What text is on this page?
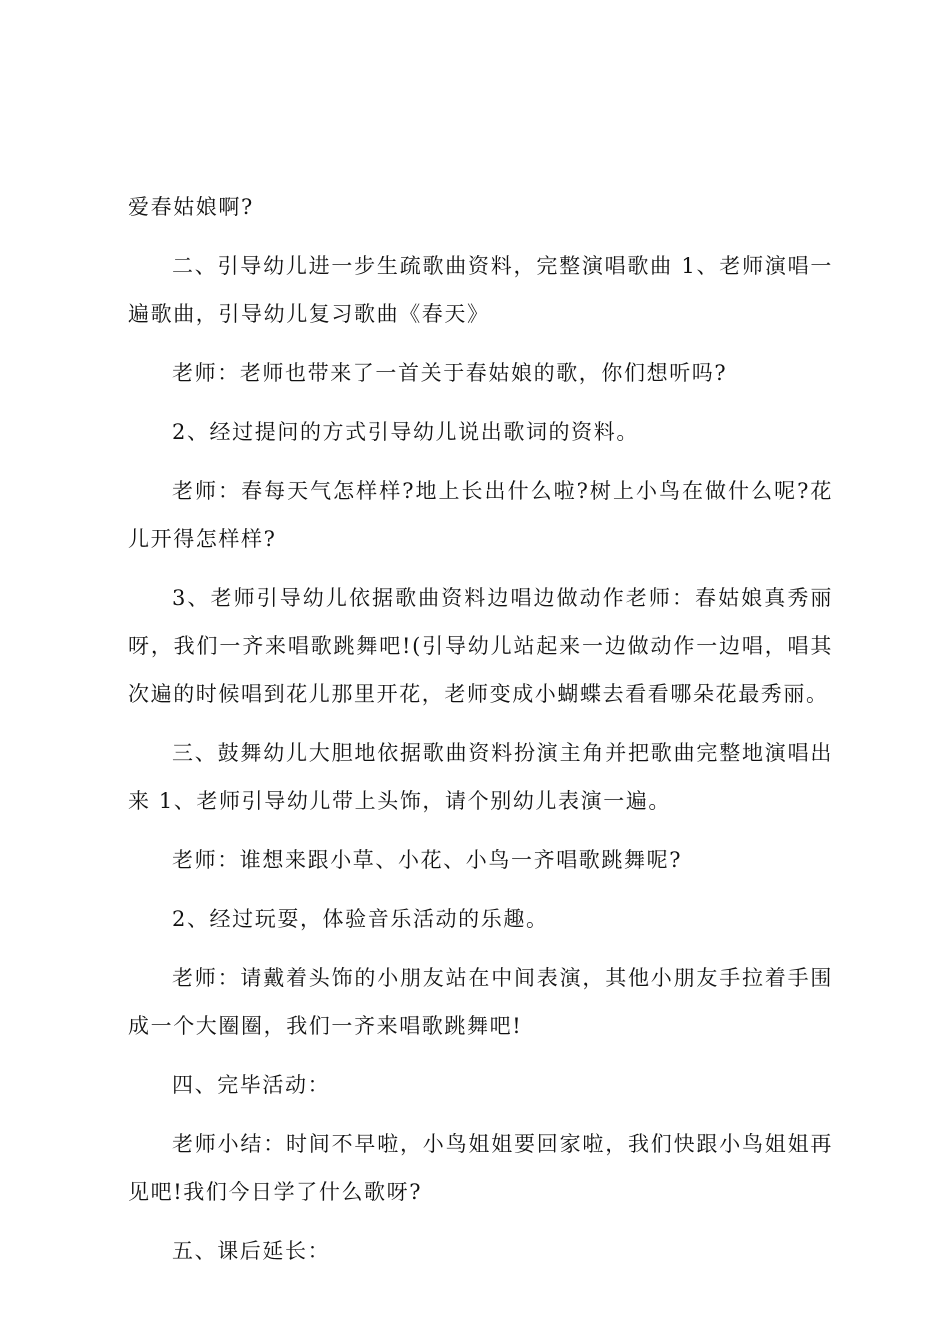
爱春姑娘啊?

二、引导幼儿进一步生疏歌曲资料，完整演唱歌曲 1、老师演唱一遍歌曲，引导幼儿复习歌曲《春天》

老师：老师也带来了一首关于春姑娘的歌，你们想听吗?

2、经过提问的方式引导幼儿说出歌词的资料。

老师：春每天气怎样样?地上长出什么啦?树上小鸟在做什么呢?花儿开得怎样样?

3、老师引导幼儿依据歌曲资料边唱边做动作老师：春姑娘真秀丽呀，我们一齐来唱歌跳舞吧!(引导幼儿站起来一边做动作一边唱，唱其次遍的时候唱到花儿那里开花，老师变成小蝴蝶去看看哪朵花最秀丽。

三、鼓舞幼儿大胆地依据歌曲资料扮演主角并把歌曲完整地演唱出来 1、老师引导幼儿带上头饰，请个别幼儿表演一遍。

老师：谁想来跟小草、小花、小鸟一齐唱歌跳舞呢?

2、经过玩耍，体验音乐活动的乐趣。

老师：请戴着头饰的小朋友站在中间表演，其他小朋友手拉着手围成一个大圈圈，我们一齐来唱歌跳舞吧!

四、完毕活动：

老师小结：时间不早啦，小鸟姐姐要回家啦，我们快跟小鸟姐姐再见吧!我们今日学了什么歌呀?

五、课后延长：
